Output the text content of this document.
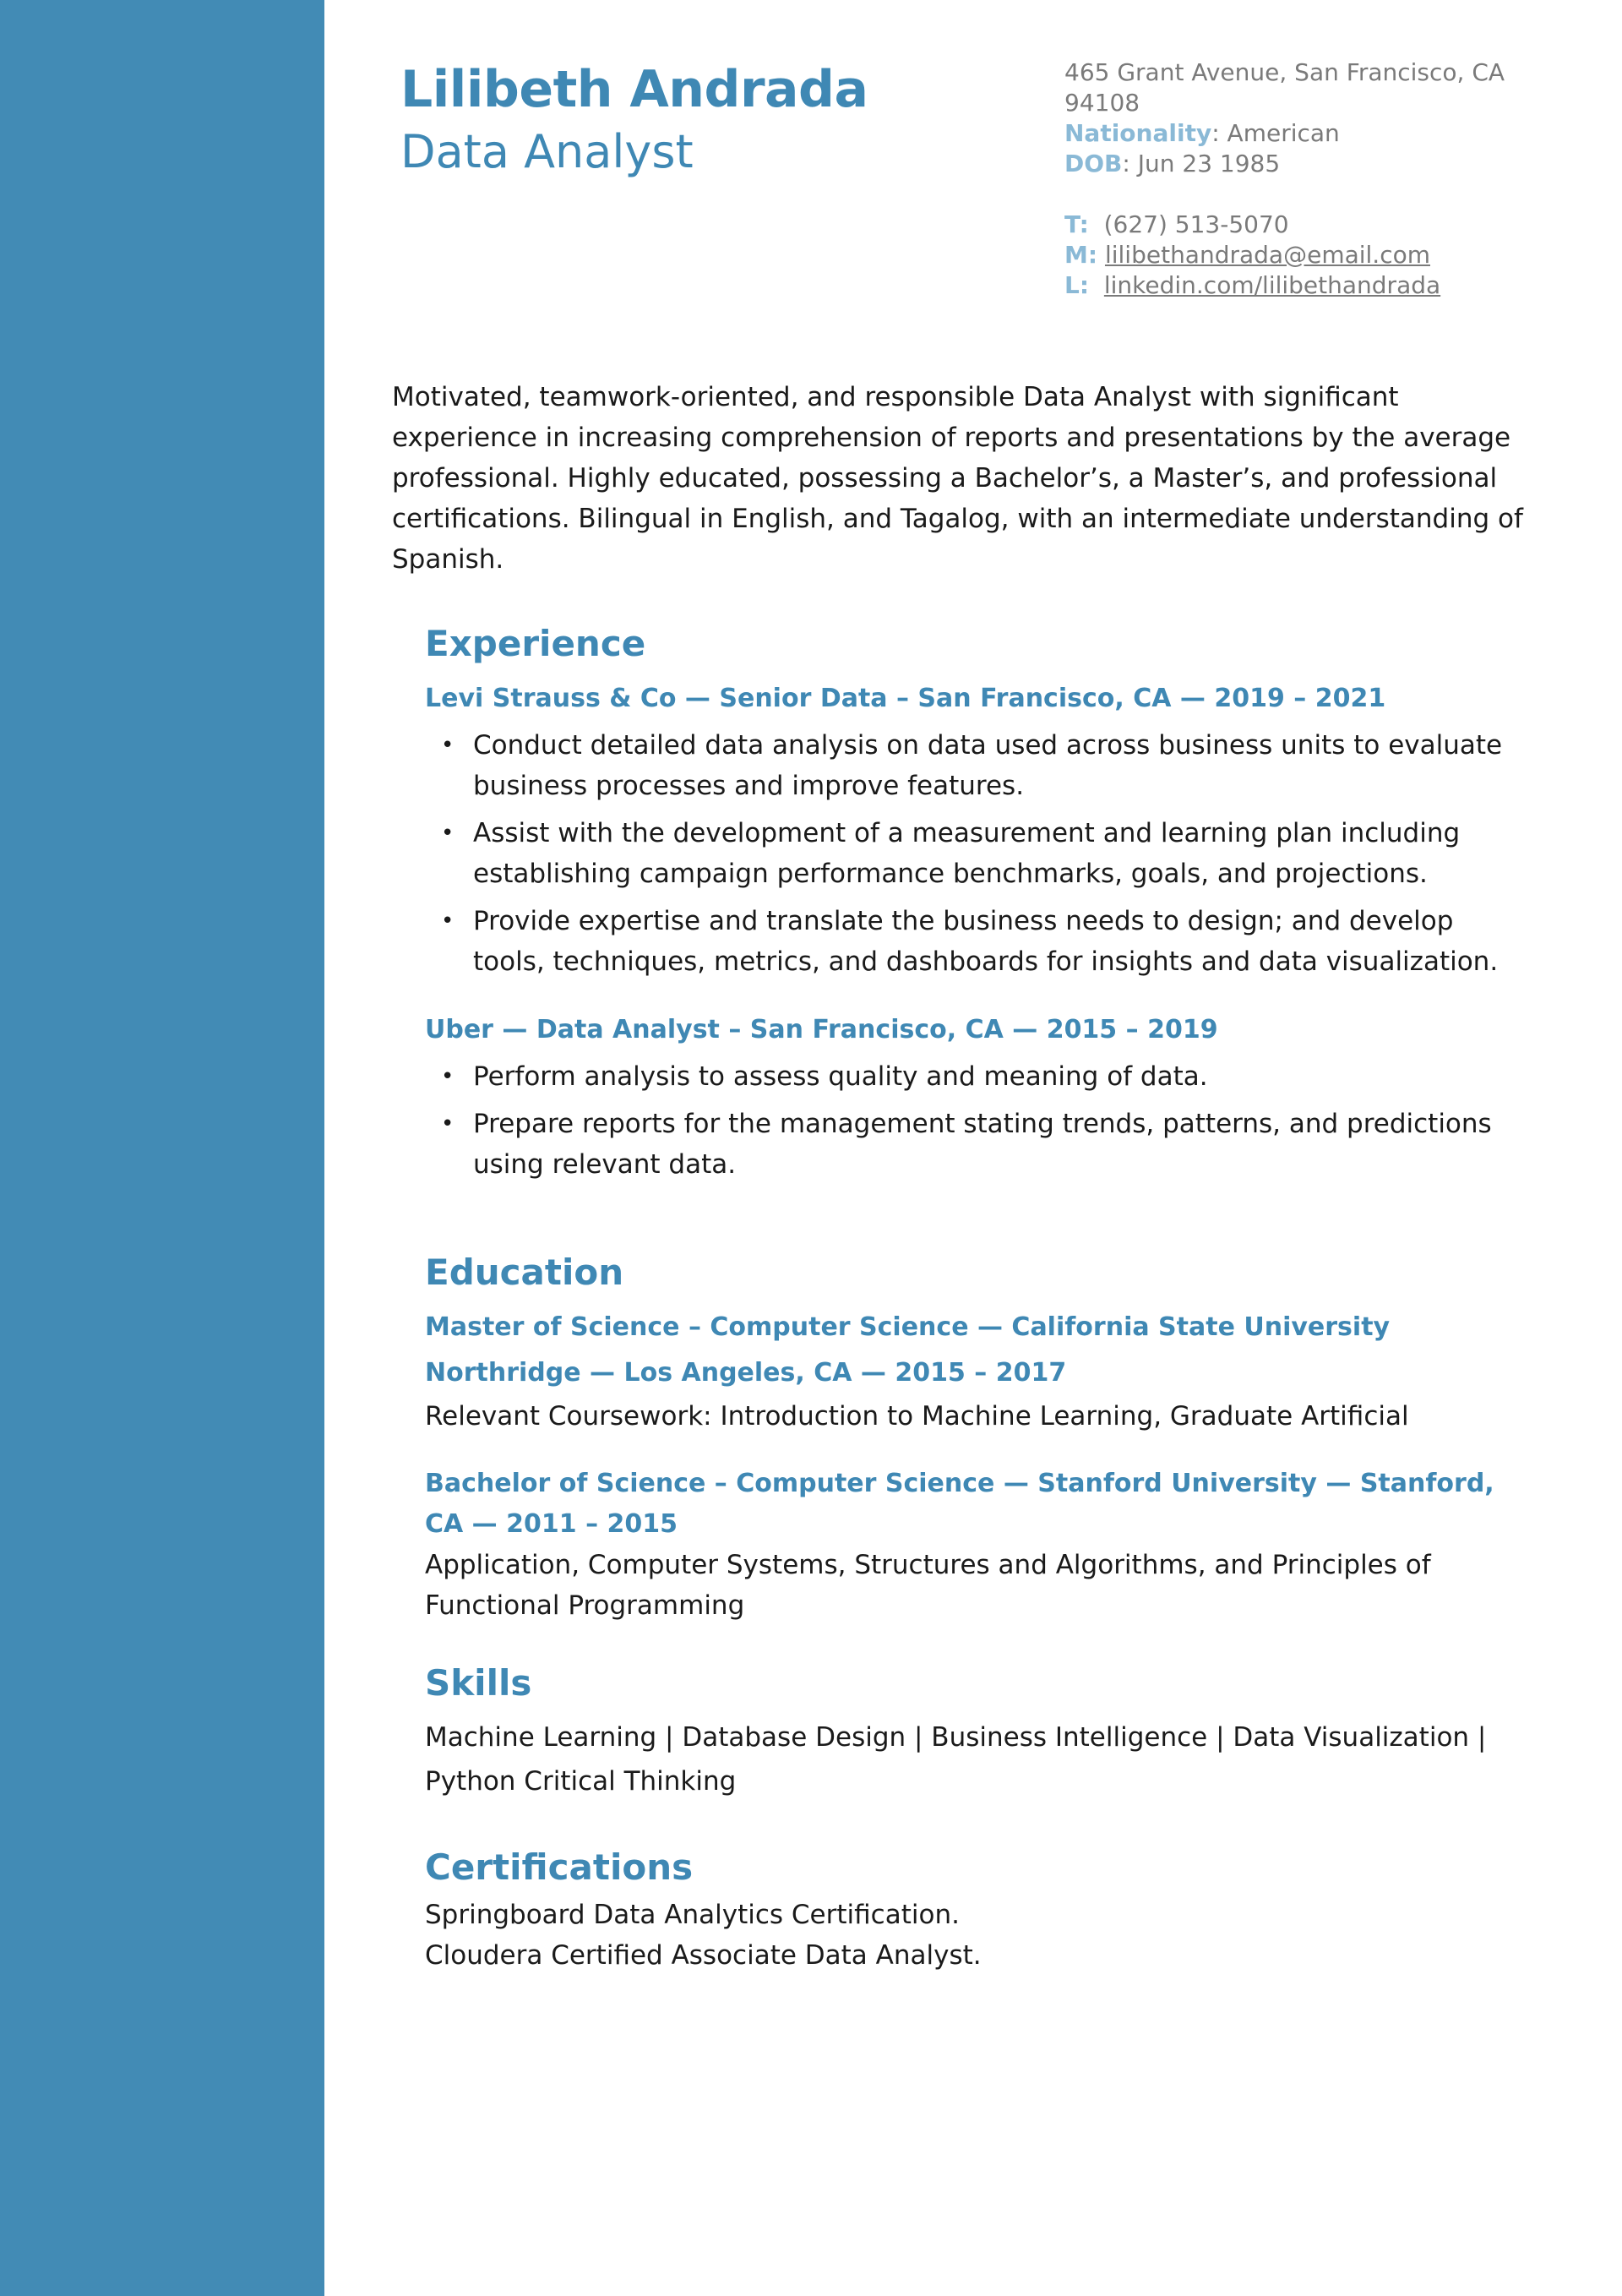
Lilibeth Andrada
Data Analyst
465 Grant Avenue, San Francisco, CA
94108
Nationality: American
DOB: Jun 23 1985
T: (627) 513-5070
M: lilibethandrada@email.com
L: linkedin.com/lilibethandrada
Motivated, teamwork-oriented, and responsible Data Analyst with significant experience in increasing comprehension of reports and presentations by the average professional. Highly educated, possessing a Bachelor’s, a Master’s, and professional certifications. Bilingual in English, and Tagalog, with an intermediate understanding of Spanish.
Experience
Levi Strauss & Co — Senior Data – San Francisco, CA — 2019 – 2021
• Conduct detailed data analysis on data used across business units to evaluate business processes and improve features.
• Assist with the development of a measurement and learning plan including establishing campaign performance benchmarks, goals, and projections.
• Provide expertise and translate the business needs to design; and develop tools, techniques, metrics, and dashboards for insights and data visualization.
Uber — Data Analyst – San Francisco, CA — 2015 – 2019
• Perform analysis to assess quality and meaning of data.
• Prepare reports for the management stating trends, patterns, and predictions using relevant data.
Education
Master of Science – Computer Science — California State University Northridge — Los Angeles, CA — 2015 – 2017
Relevant Coursework: Introduction to Machine Learning, Graduate Artificial
Bachelor of Science – Computer Science — Stanford University — Stanford, CA — 2011 – 2015
Application, Computer Systems, Structures and Algorithms, and Principles of Functional Programming
Skills
Machine Learning | Database Design | Business Intelligence | Data Visualization | Python Critical Thinking
Certifications
Springboard Data Analytics Certification.
Cloudera Certified Associate Data Analyst.
